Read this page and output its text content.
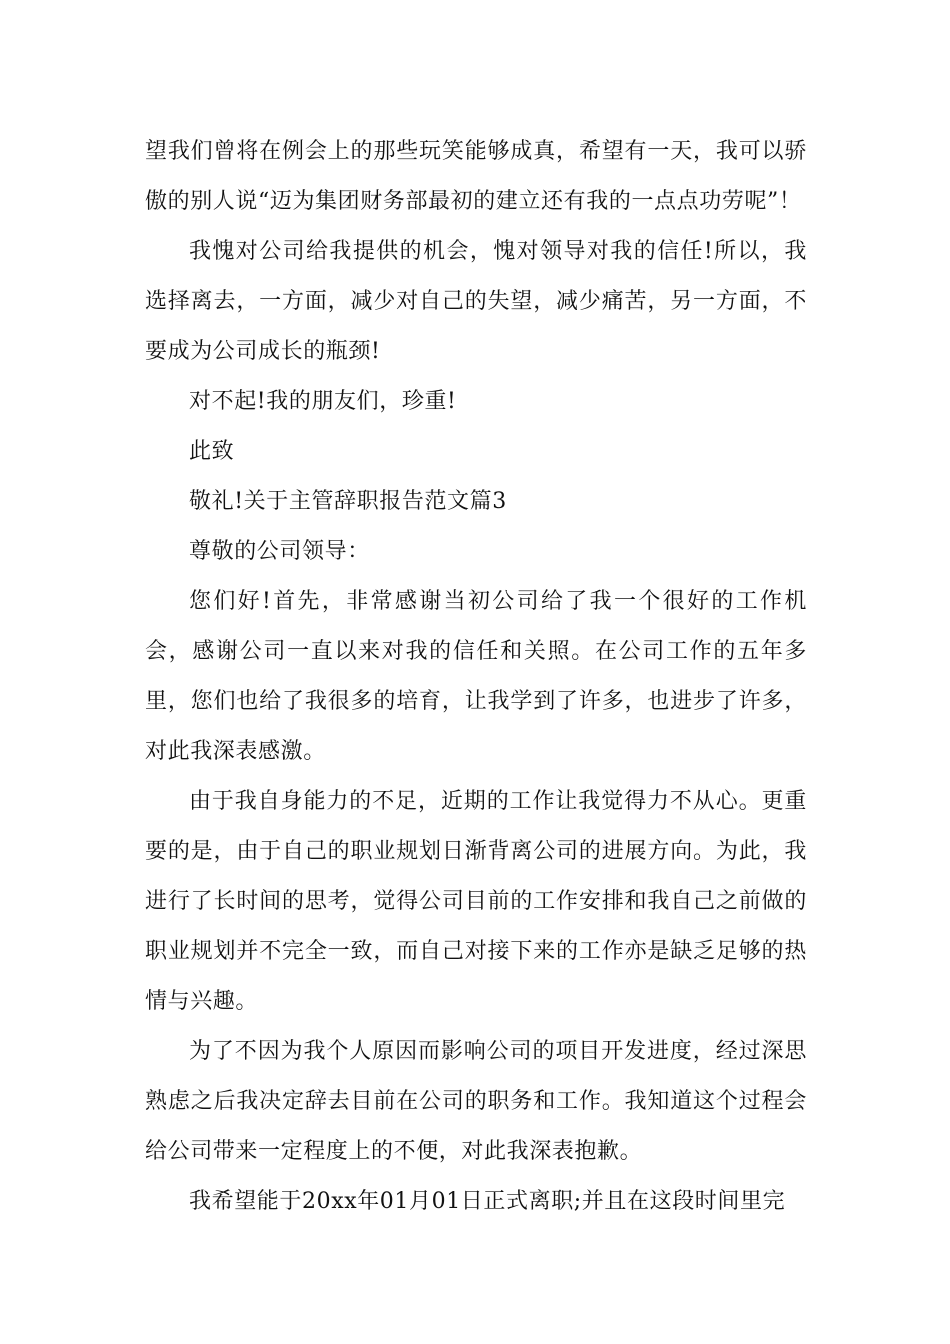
望我们曾将在例会上的那些玩笑能够成真，希望有一天，我可以骄傲的别人说“迈为集团财务部最初的建立还有我的一点点功劳呢”！

我愧对公司给我提供的机会，愧对领导对我的信任!所以，我选择离去，一方面，减少对自己的失望，减少痛苦，另一方面，不要成为公司成长的瓶颈!

对不起!我的朋友们，珍重!

此致

敬礼!关于主管辞职报告范文篇3

尊敬的公司领导：

您们好!首先，非常感谢当初公司给了我一个很好的工作机会，感谢公司一直以来对我的信任和关照。在公司工作的五年多里，您们也给了我很多的培育，让我学到了许多，也进步了许多，对此我深表感激。

由于我自身能力的不足，近期的工作让我觉得力不从心。更重要的是，由于自己的职业规划日渐背离公司的进展方向。为此，我进行了长时间的思考，觉得公司目前的工作安排和我自己之前做的职业规划并不完全一致，而自己对接下来的工作亦是缺乏足够的热情与兴趣。

为了不因为我个人原因而影响公司的项目开发进度，经过深思熟虑之后我决定辞去目前在公司的职务和工作。我知道这个过程会给公司带来一定程度上的不便，对此我深表抱歉。

我希望能于20xx年01月01日正式离职;并且在这段时间里完
